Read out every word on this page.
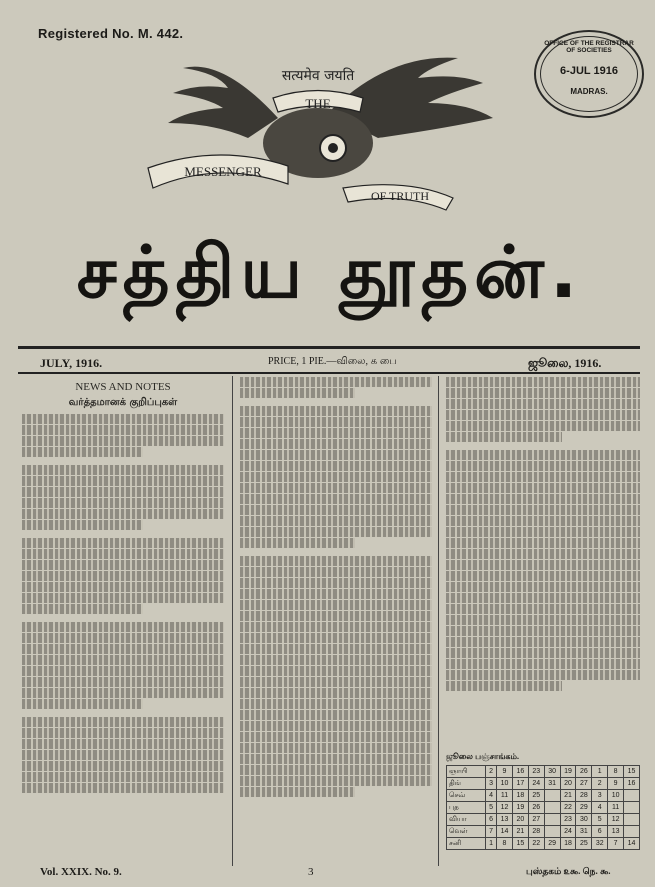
Registered No. M. 442.
OFFICE OF THE REGISTRAR OF SOCIETIES
6-JUL 1916
MADRAS.
सत्यमेव जयति
THE
MESSENGER
OF TRUTH
சத்திய தூதன்.
JULY, 1916.	PRICE, 1 PIE.—விலை, ௧ பை	ஜூலை, 1916.
NEWS AND NOTES
வர்த்தமானக் குறிப்புகள்
ஜூலை பஞ்சாங்கம்.
ஞாயி	2	9	16	23	30	19	26	1	8	15
திங்	3	10	17	24	31	20	27	2	9	16
செவ்	4	11	18	25		21	28	3	10	
புத	5	12	19	26		22	29	4	11	
வியா	6	13	20	27		23	30	5	12	
வெள்	7	14	21	28		24	31	6	13	
சனி	1	8	15	22	29	18	25	32	7	14
Vol. XXIX. No. 9.	3	புஸ்தகம் ௨௯. நெ. ௯.
